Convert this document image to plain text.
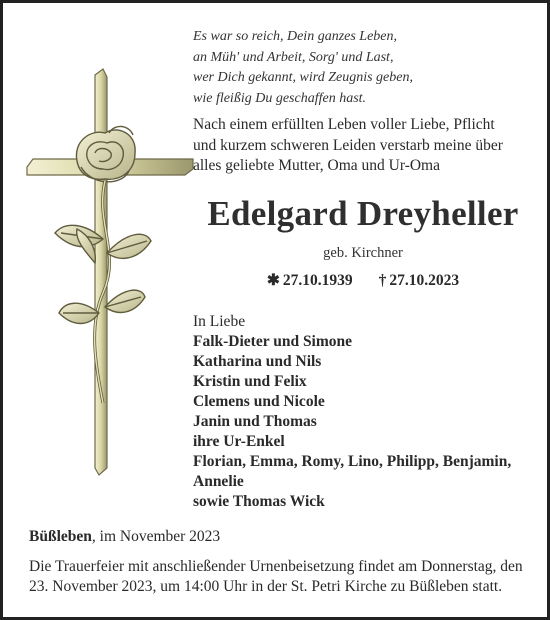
Es war so reich, Dein ganzes Leben,
an Müh' und Arbeit, Sorg' und Last,
wer Dich gekannt, wird Zeugnis geben,
wie fleißig Du geschaffen hast.
Nach einem erfüllten Leben voller Liebe, Pflicht
und kurzem schweren Leiden verstarb meine über
alles geliebte Mutter, Oma und Ur-Oma
Edelgard Dreyheller
geb. Kirchner
✱ 27.10.1939 † 27.10.2023
In Liebe
Falk-Dieter und Simone
Katharina und Nils
Kristin und Felix
Clemens und Nicole
Janin und Thomas
ihre Ur-Enkel
Florian, Emma, Romy, Lino, Philipp, Benjamin,
Annelie
sowie Thomas Wick
Büßleben, im November 2023
Die Trauerfeier mit anschließender Urnenbeisetzung findet am Donnerstag, den
23. November 2023, um 14:00 Uhr in der St. Petri Kirche zu Büßleben statt.
